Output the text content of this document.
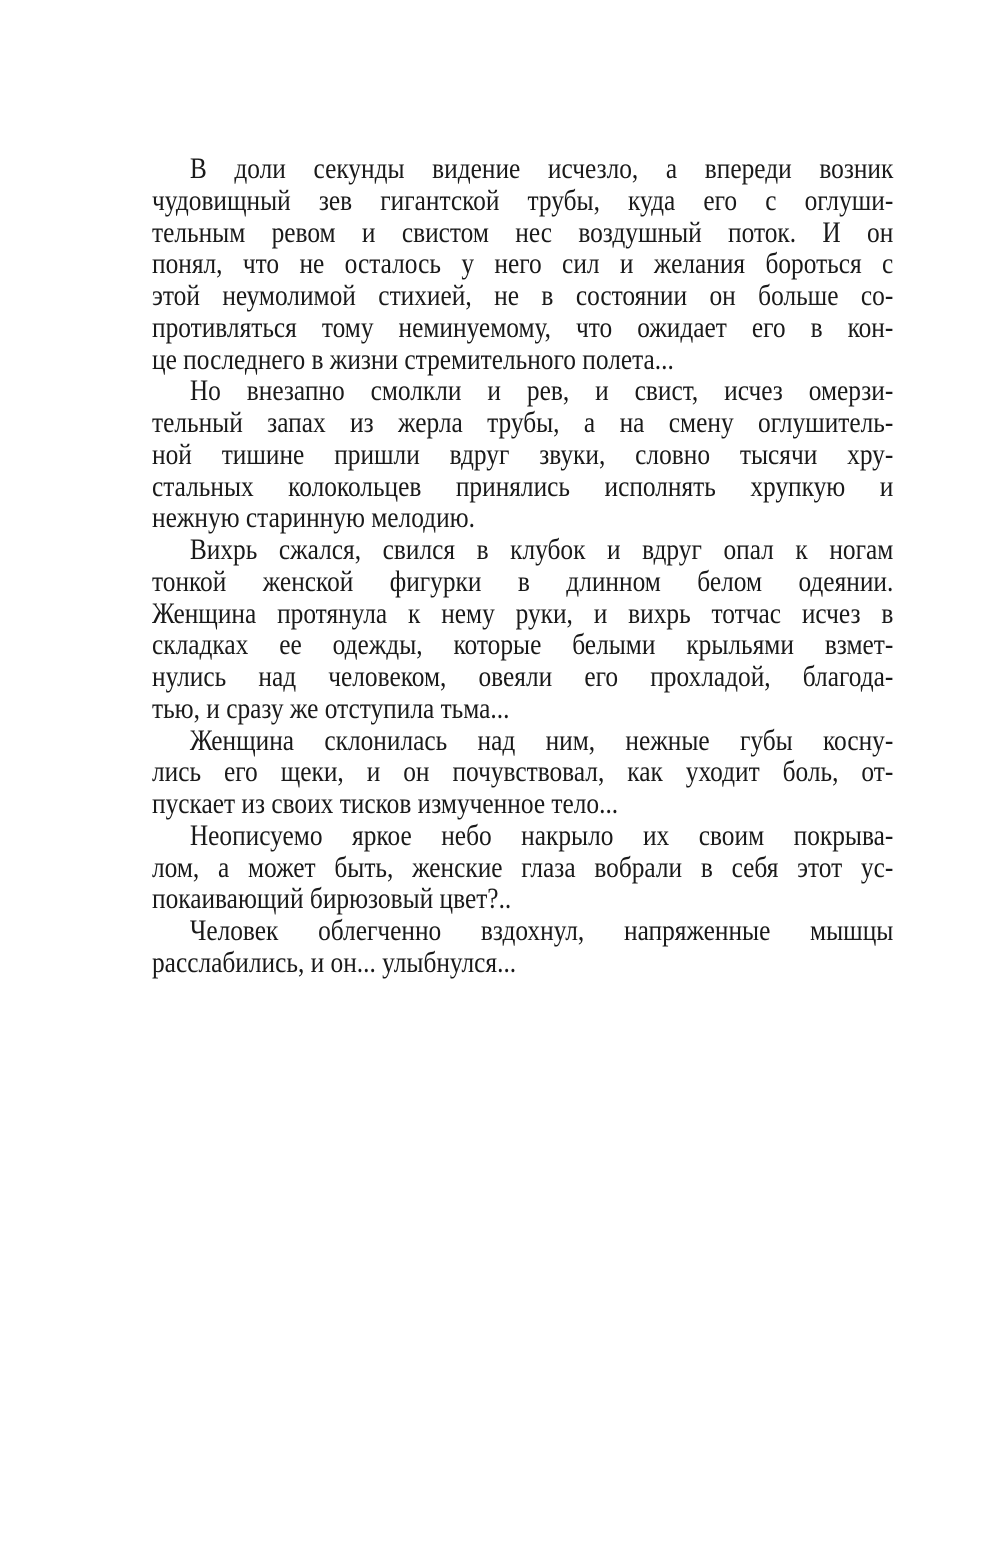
В доли секунды видение исчезло, а впереди возник
чудовищный зев гигантской трубы, куда его с оглуши-
тельным ревом и свистом нес воздушный поток. И он
понял, что не осталось у него сил и желания бороться с
этой неумолимой стихией, не в состоянии он больше со-
противляться тому неминуемому, что ожидает его в кон-
це последнего в жизни стремительного полета...
Но внезапно смолкли и рев, и свист, исчез омерзи-
тельный запах из жерла трубы, а на смену оглушитель-
ной тишине пришли вдруг звуки, словно тысячи хру-
стальных колокольцев принялись исполнять хрупкую и
нежную старинную мелодию.
Вихрь сжался, свился в клубок и вдруг опал к ногам
тонкой женской фигурки в длинном белом одеянии.
Женщина протянула к нему руки, и вихрь тотчас исчез в
складках ее одежды, которые белыми крыльями взмет-
нулись над человеком, овеяли его прохладой, благода-
тью, и сразу же отступила тьма...
Женщина склонилась над ним, нежные губы косну-
лись его щеки, и он почувствовал, как уходит боль, от-
пускает из своих тисков измученное тело...
Неописуемо яркое небо накрыло их своим покрыва-
лом, а может быть, женские глаза вобрали в себя этот ус-
покаивающий бирюзовый цвет?..
Человек облегченно вздохнул, напряженные мышцы
расслабились, и он... улыбнулся...
